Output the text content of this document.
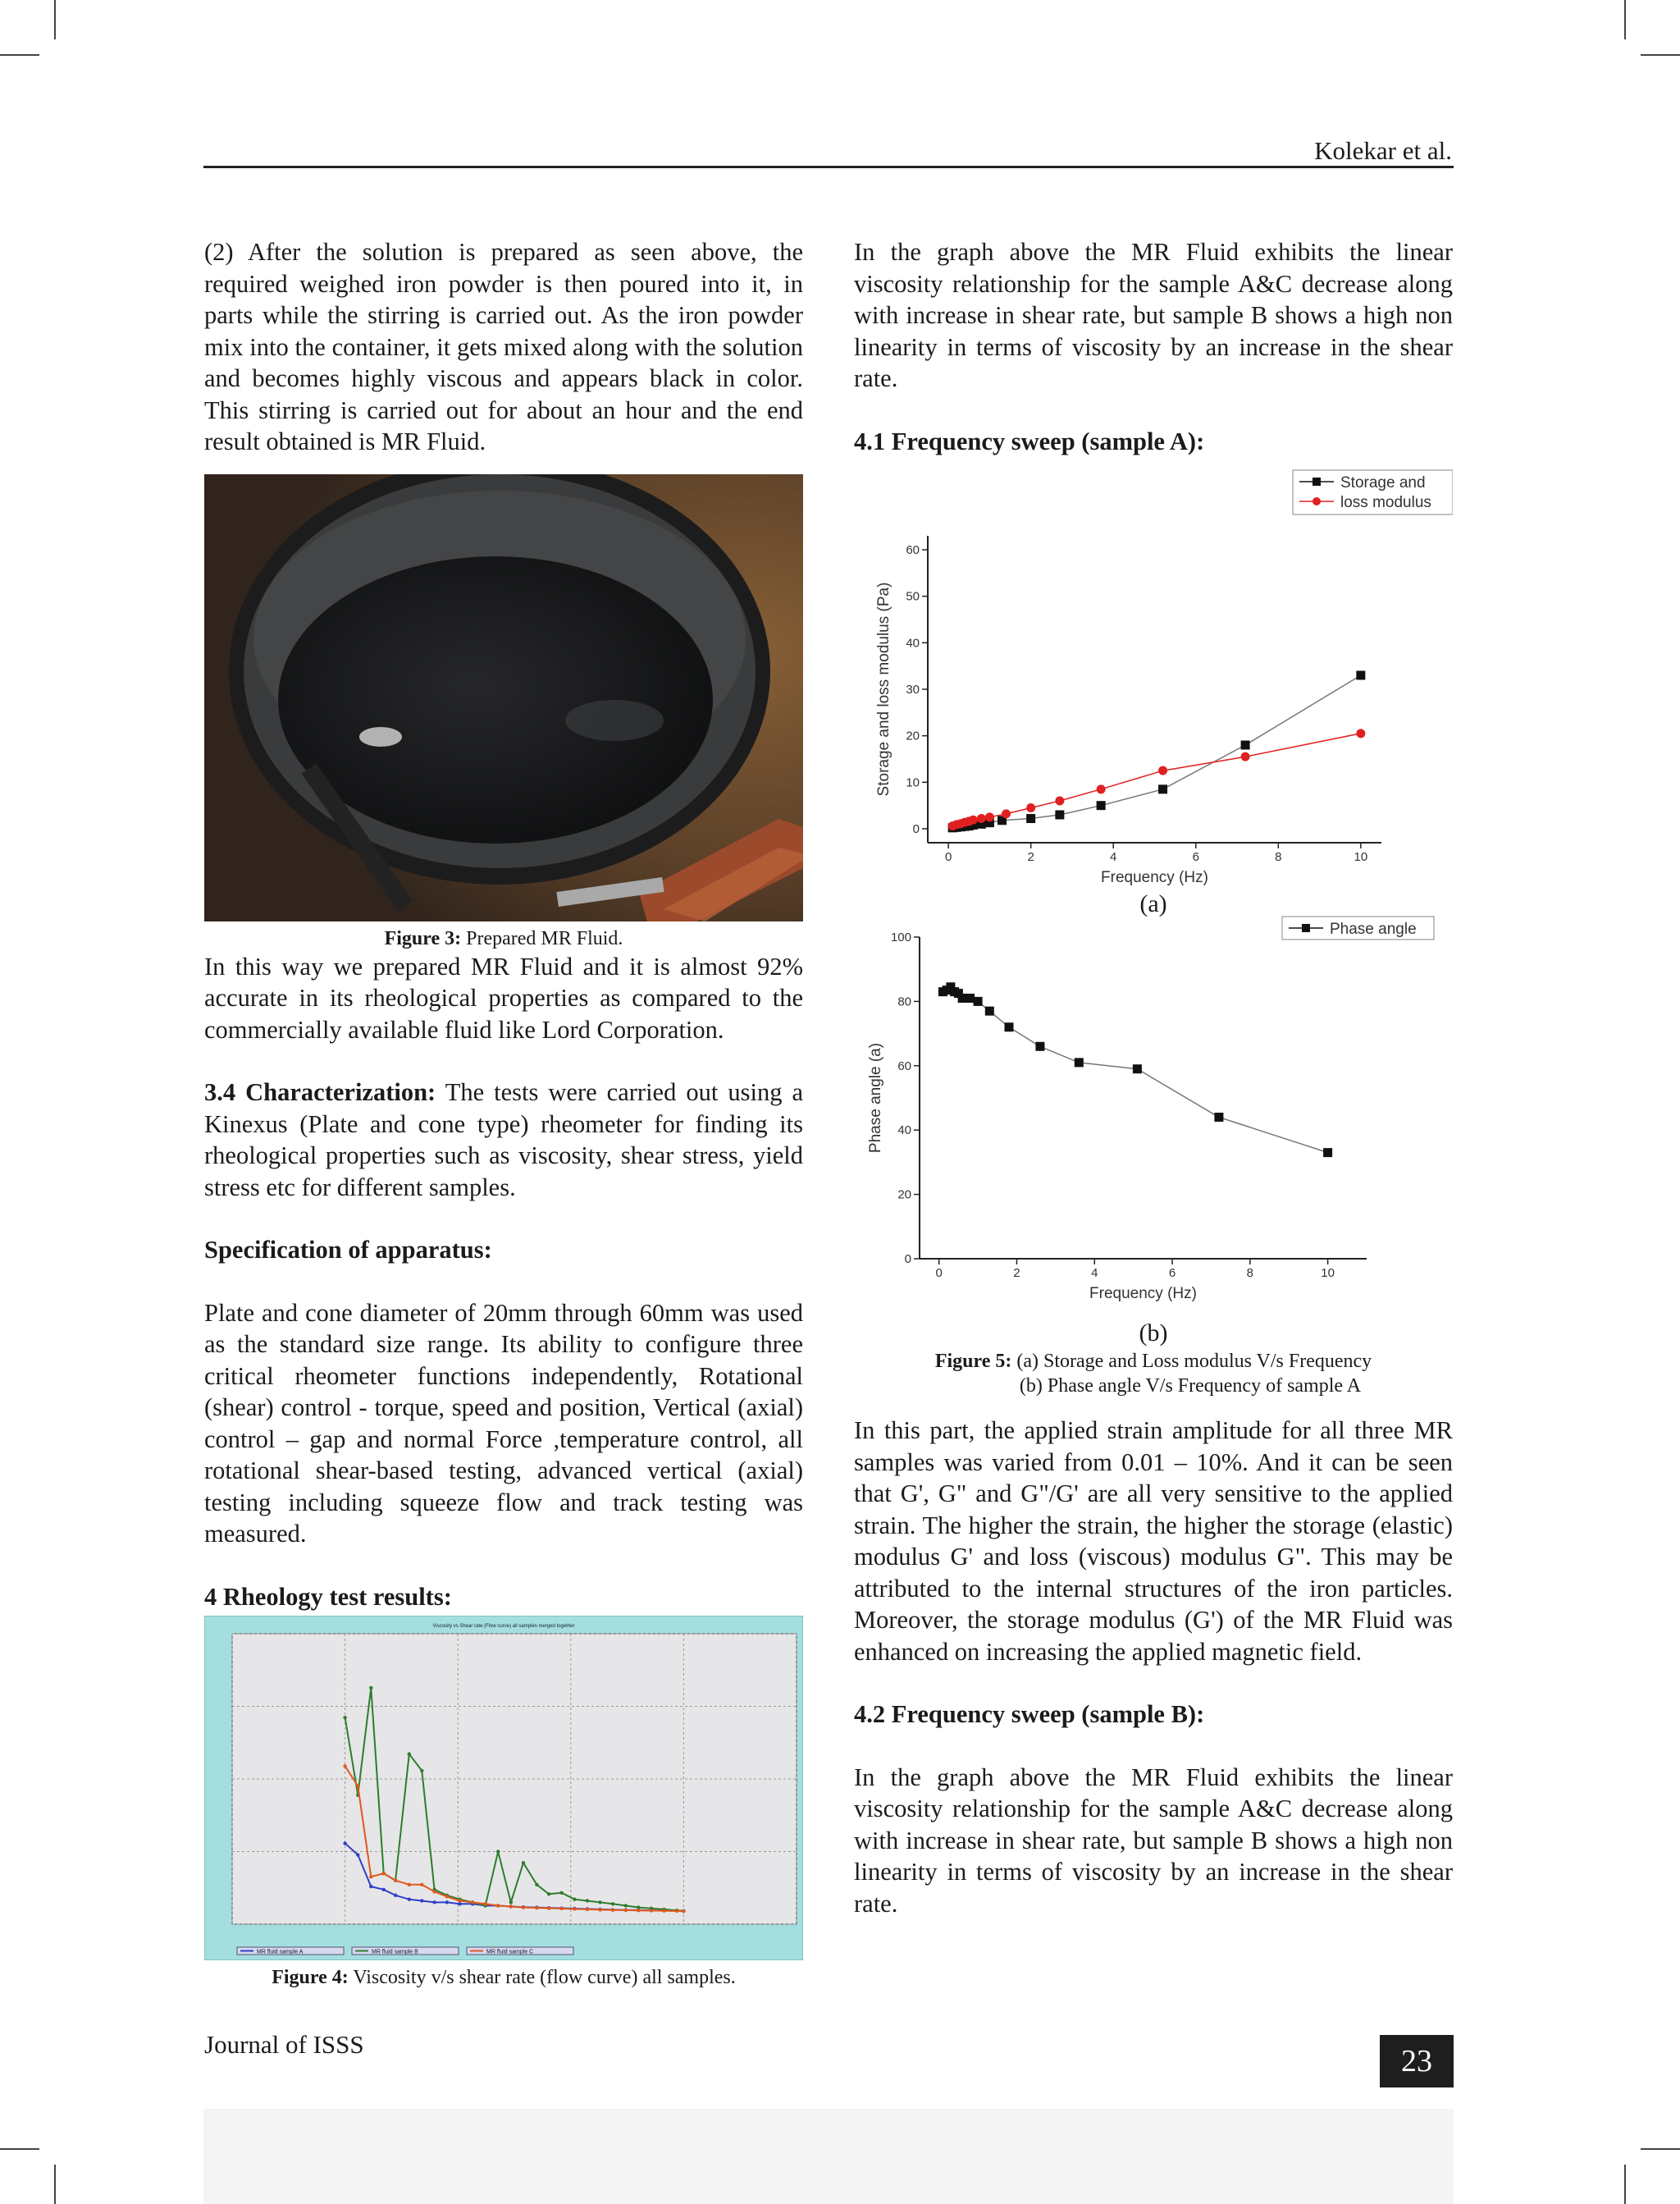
Kolekar et al.

(2) After the solution is prepared as seen above, the required weighed iron powder is then poured into it, in parts while the stirring is carried out. As the iron powder mix into the container, it gets mixed along with the solution and becomes highly viscous and appears black in color. This stirring is carried out for about an hour and the end result obtained is MR Fluid.

Figure 3: Prepared MR Fluid.

In this way we prepared MR Fluid and it is almost 92% accurate in its rheological properties as compared to the commercially available fluid like Lord Corporation.

3.4 Characterization: The tests were carried out using a Kinexus (Plate and cone type) rheometer for finding its rheological properties such as viscosity, shear stress, yield stress etc for different samples.

Specification of apparatus:

Plate and cone diameter of 20mm through 60mm was used as the standard size range. Its ability to configure three critical rheometer functions independently, Rotational (shear) control - torque, speed and position, Vertical (axial) control – gap and normal Force ,temperature control, all rotational shear-based testing, advanced vertical (axial) testing including squeeze flow and track testing was measured.

4 Rheology test results:

Viscosity vs Shear rate (Flow curve) all samples merged together
MR fluid sample A	MR fluid sample B	MR fluid sample C

Figure 4: Viscosity v/s shear rate (flow curve) all samples.

In the graph above the MR Fluid exhibits the linear viscosity relationship for the sample A&C decrease along with increase in shear rate, but sample B shows a high non linearity in terms of viscosity by an increase in the shear rate.

4.1 Frequency sweep (sample A):

0	2	4	6	8	10
0
10
20
30
40
50
60
Frequency (Hz)
Storage and loss modulus (Pa)
Storage and
loss modulus

(a)

0	2	4	6	8	10
0
20
40
60
80
100
Frequency (Hz)
Phase angle (a)
Phase angle

(b)

Figure 5: (a) Storage and Loss modulus V/s Frequency
(b) Phase angle V/s Frequency of sample A

In this part, the applied strain amplitude for all three MR samples was varied from 0.01 – 10%. And it can be seen that G', G" and G"/G' are all very sensitive to the applied strain. The higher the strain, the higher the storage (elastic) modulus G' and loss (viscous) modulus G". This may be attributed to the internal structures of the iron particles. Moreover, the storage modulus (G') of the MR Fluid was enhanced on increasing the applied magnetic field.

4.2 Frequency sweep (sample B):

In the graph above the MR Fluid exhibits the linear viscosity relationship for the sample A&C decrease along with increase in shear rate, but sample B shows a high non linearity in terms of viscosity by an increase in the shear rate.

Journal of ISSS	23
